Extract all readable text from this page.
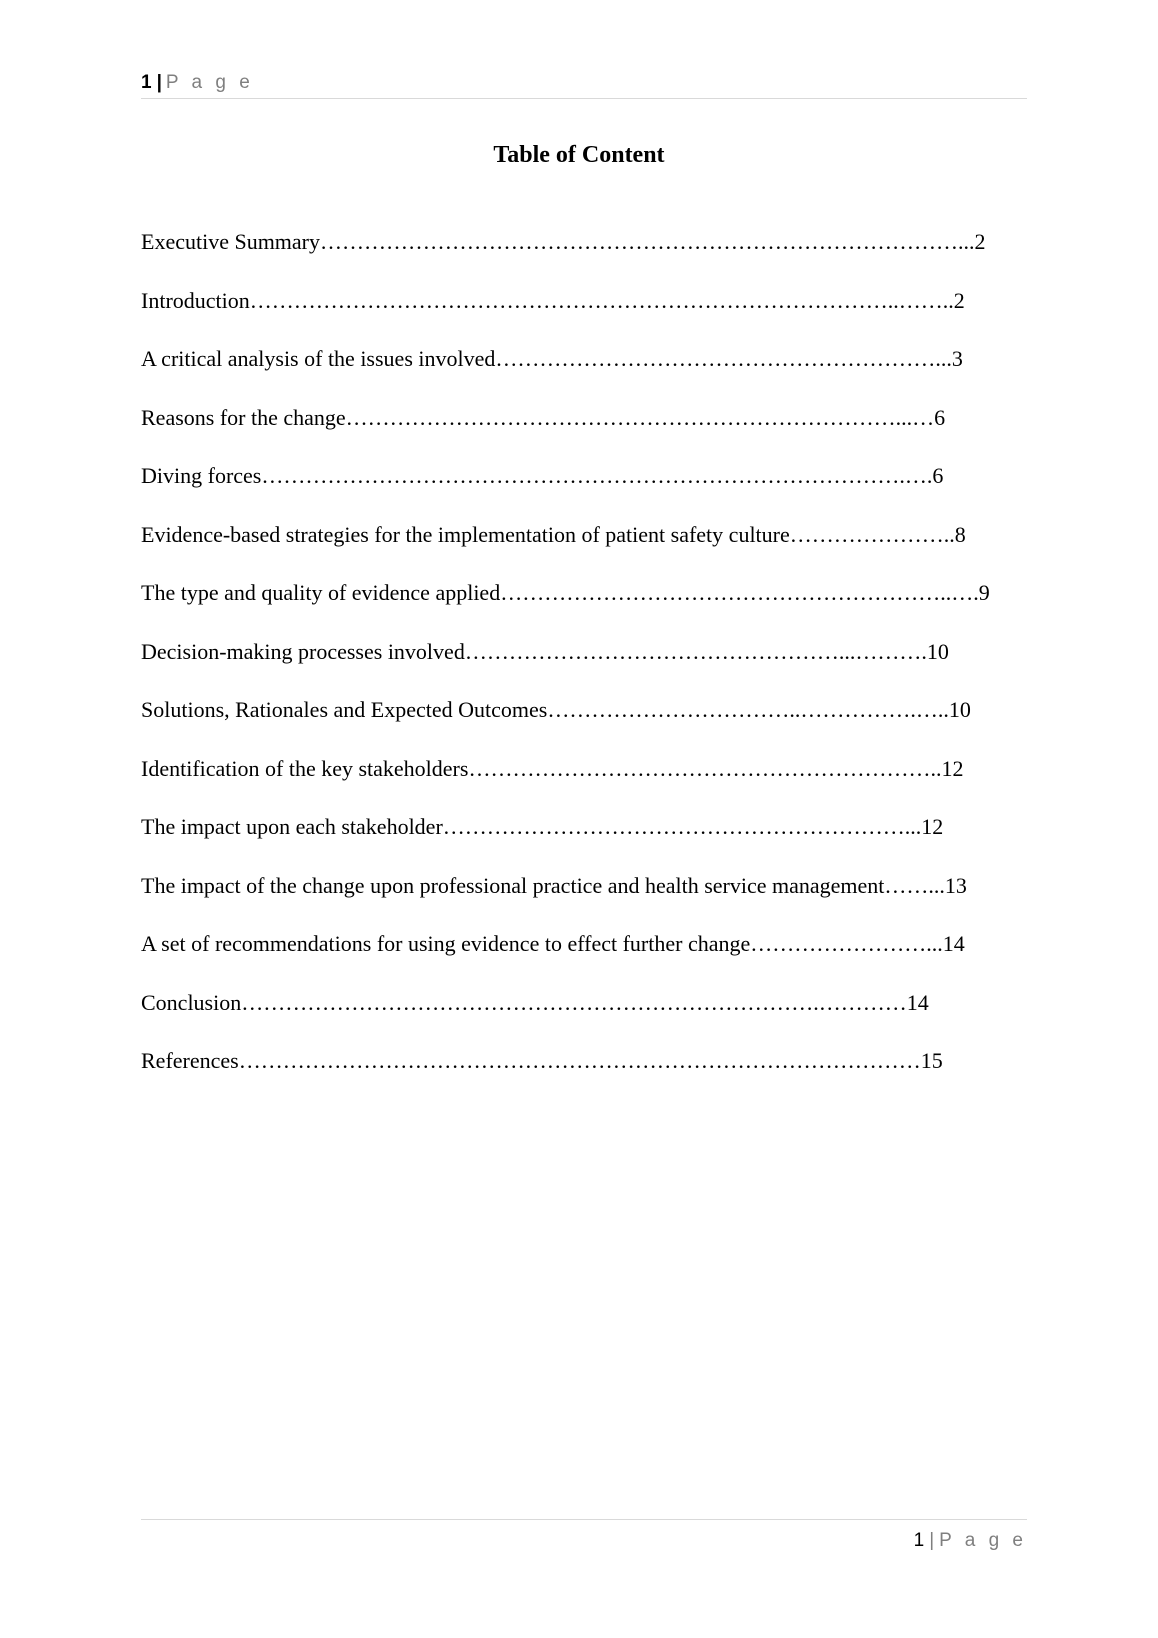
1 | P a g e
Table of Content
Executive Summary……………………………………………………………………………...2
Introduction……………………………………………………………………………..……..2
A critical analysis of the issues involved……………………………………………………...3
Reasons for the change…………………………………………………………………...…6
Diving forces…………………………………………………………………………….….6
Evidence-based strategies for the implementation of patient safety culture…………………..8
The type and quality of evidence applied……………………………………………………..….9
Decision-making processes involved……………………………………………...……….10
Solutions, Rationales and Expected Outcomes……………………………..…………….…..10
Identification of the key stakeholders………………………………………………………..12
The impact upon each stakeholder………………………………………………………...12
The impact of the change upon professional practice and health service management……...13
A set of recommendations for using evidence to effect further change……………………...14
Conclusion…………………………………………………………………….…………14
References…………………………………………………………………………………15
1 | P a g e
